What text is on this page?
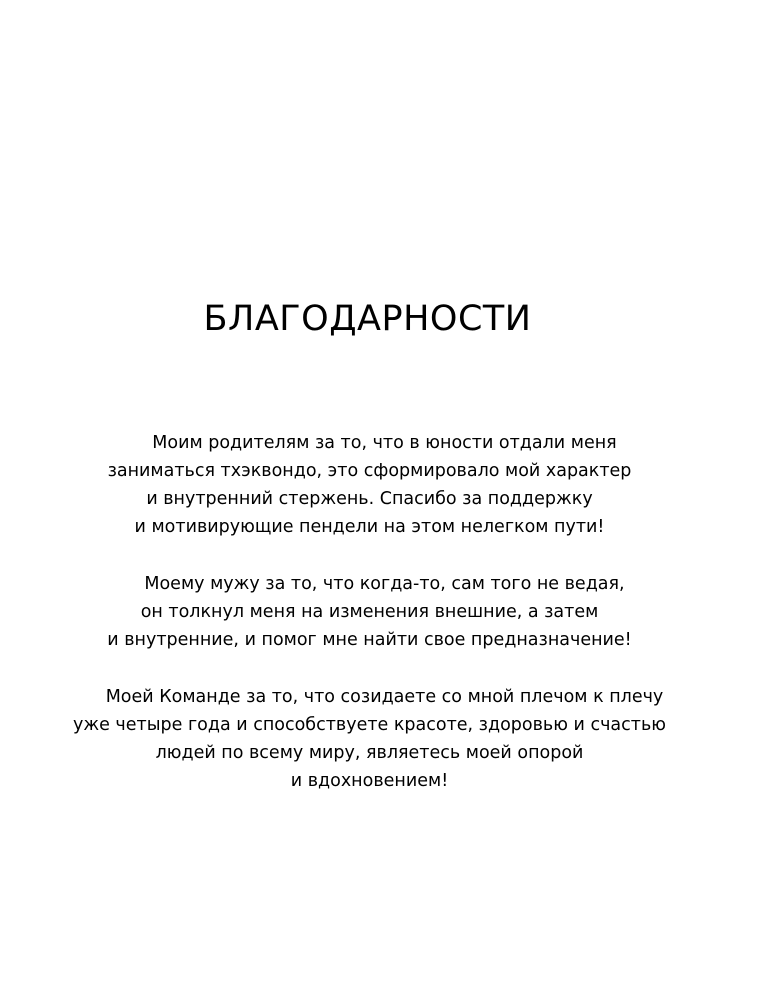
БЛАГОДАРНОСТИ
Моим родителям за то, что в юности отдали меня
заниматься тхэквондо, это сформировало мой характер
и внутренний стержень. Спасибо за поддержку
и мотивирующие пендели на этом нелегком пути!
Моему мужу за то, что когда-то, сам того не ведая,
он толкнул меня на изменения внешние, а затем
и внутренние, и помог мне найти свое предназначение!
Моей Команде за то, что созидаете со мной плечом к плечу
уже четыре года и способствуете красоте, здоровью и счастью
людей по всему миру, являетесь моей опорой
и вдохновением!
